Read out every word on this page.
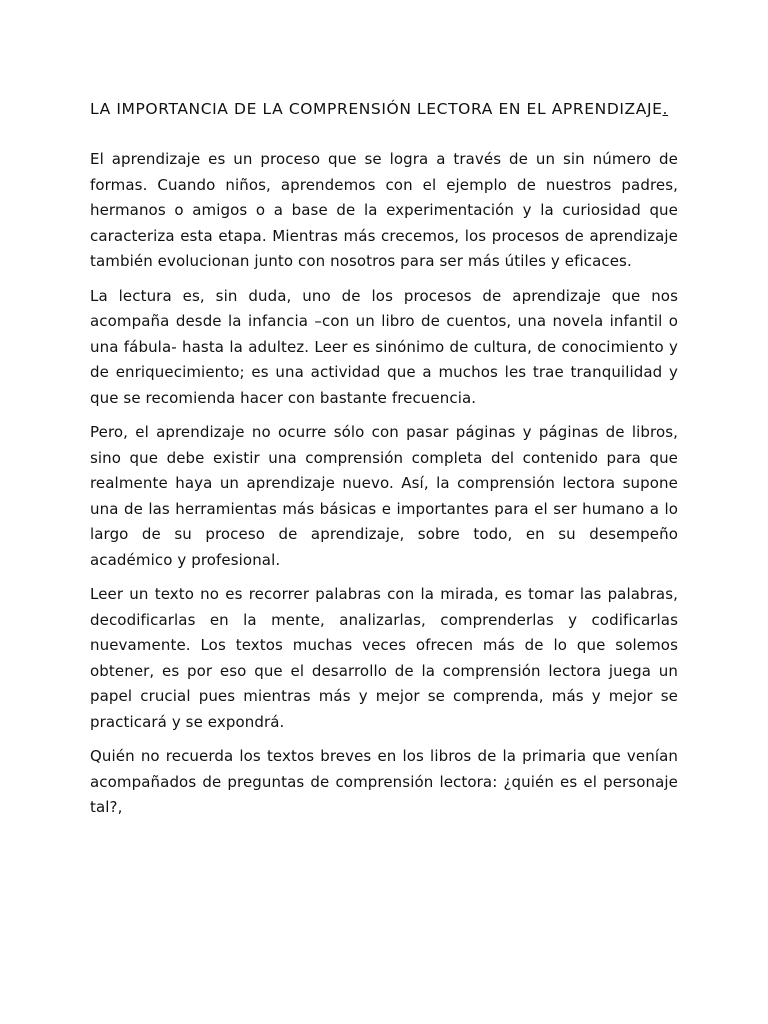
LA IMPORTANCIA DE LA COMPRENSIÓN LECTORA EN EL APRENDIZAJE.

El aprendizaje es un proceso que se logra a través de un sin número de formas. Cuando niños, aprendemos con el ejemplo de nuestros padres, hermanos o amigos o a base de la experimentación y la curiosidad que caracteriza esta etapa. Mientras más crecemos, los procesos de aprendizaje también evolucionan junto con nosotros para ser más útiles y eficaces.

La lectura es, sin duda, uno de los procesos de aprendizaje que nos acompaña desde la infancia –con un libro de cuentos, una novela infantil o una fábula- hasta la adultez. Leer es sinónimo de cultura, de conocimiento y de enriquecimiento; es una actividad que a muchos les trae tranquilidad y que se recomienda hacer con bastante frecuencia.

Pero, el aprendizaje no ocurre sólo con pasar páginas y páginas de libros, sino que debe existir una comprensión completa del contenido para que realmente haya un aprendizaje nuevo. Así, la comprensión lectora supone una de las herramientas más básicas e importantes para el ser humano a lo largo de su proceso de aprendizaje, sobre todo, en su desempeño académico y profesional.

Leer un texto no es recorrer palabras con la mirada, es tomar las palabras, decodificarlas en la mente, analizarlas, comprenderlas y codificarlas nuevamente. Los textos muchas veces ofrecen más de lo que solemos obtener, es por eso que el desarrollo de la comprensión lectora juega un papel crucial pues mientras más y mejor se comprenda, más y mejor se practicará y se expondrá.

Quién no recuerda los textos breves en los libros de la primaria que venían acompañados de preguntas de comprensión lectora: ¿quién es el personaje tal?,
